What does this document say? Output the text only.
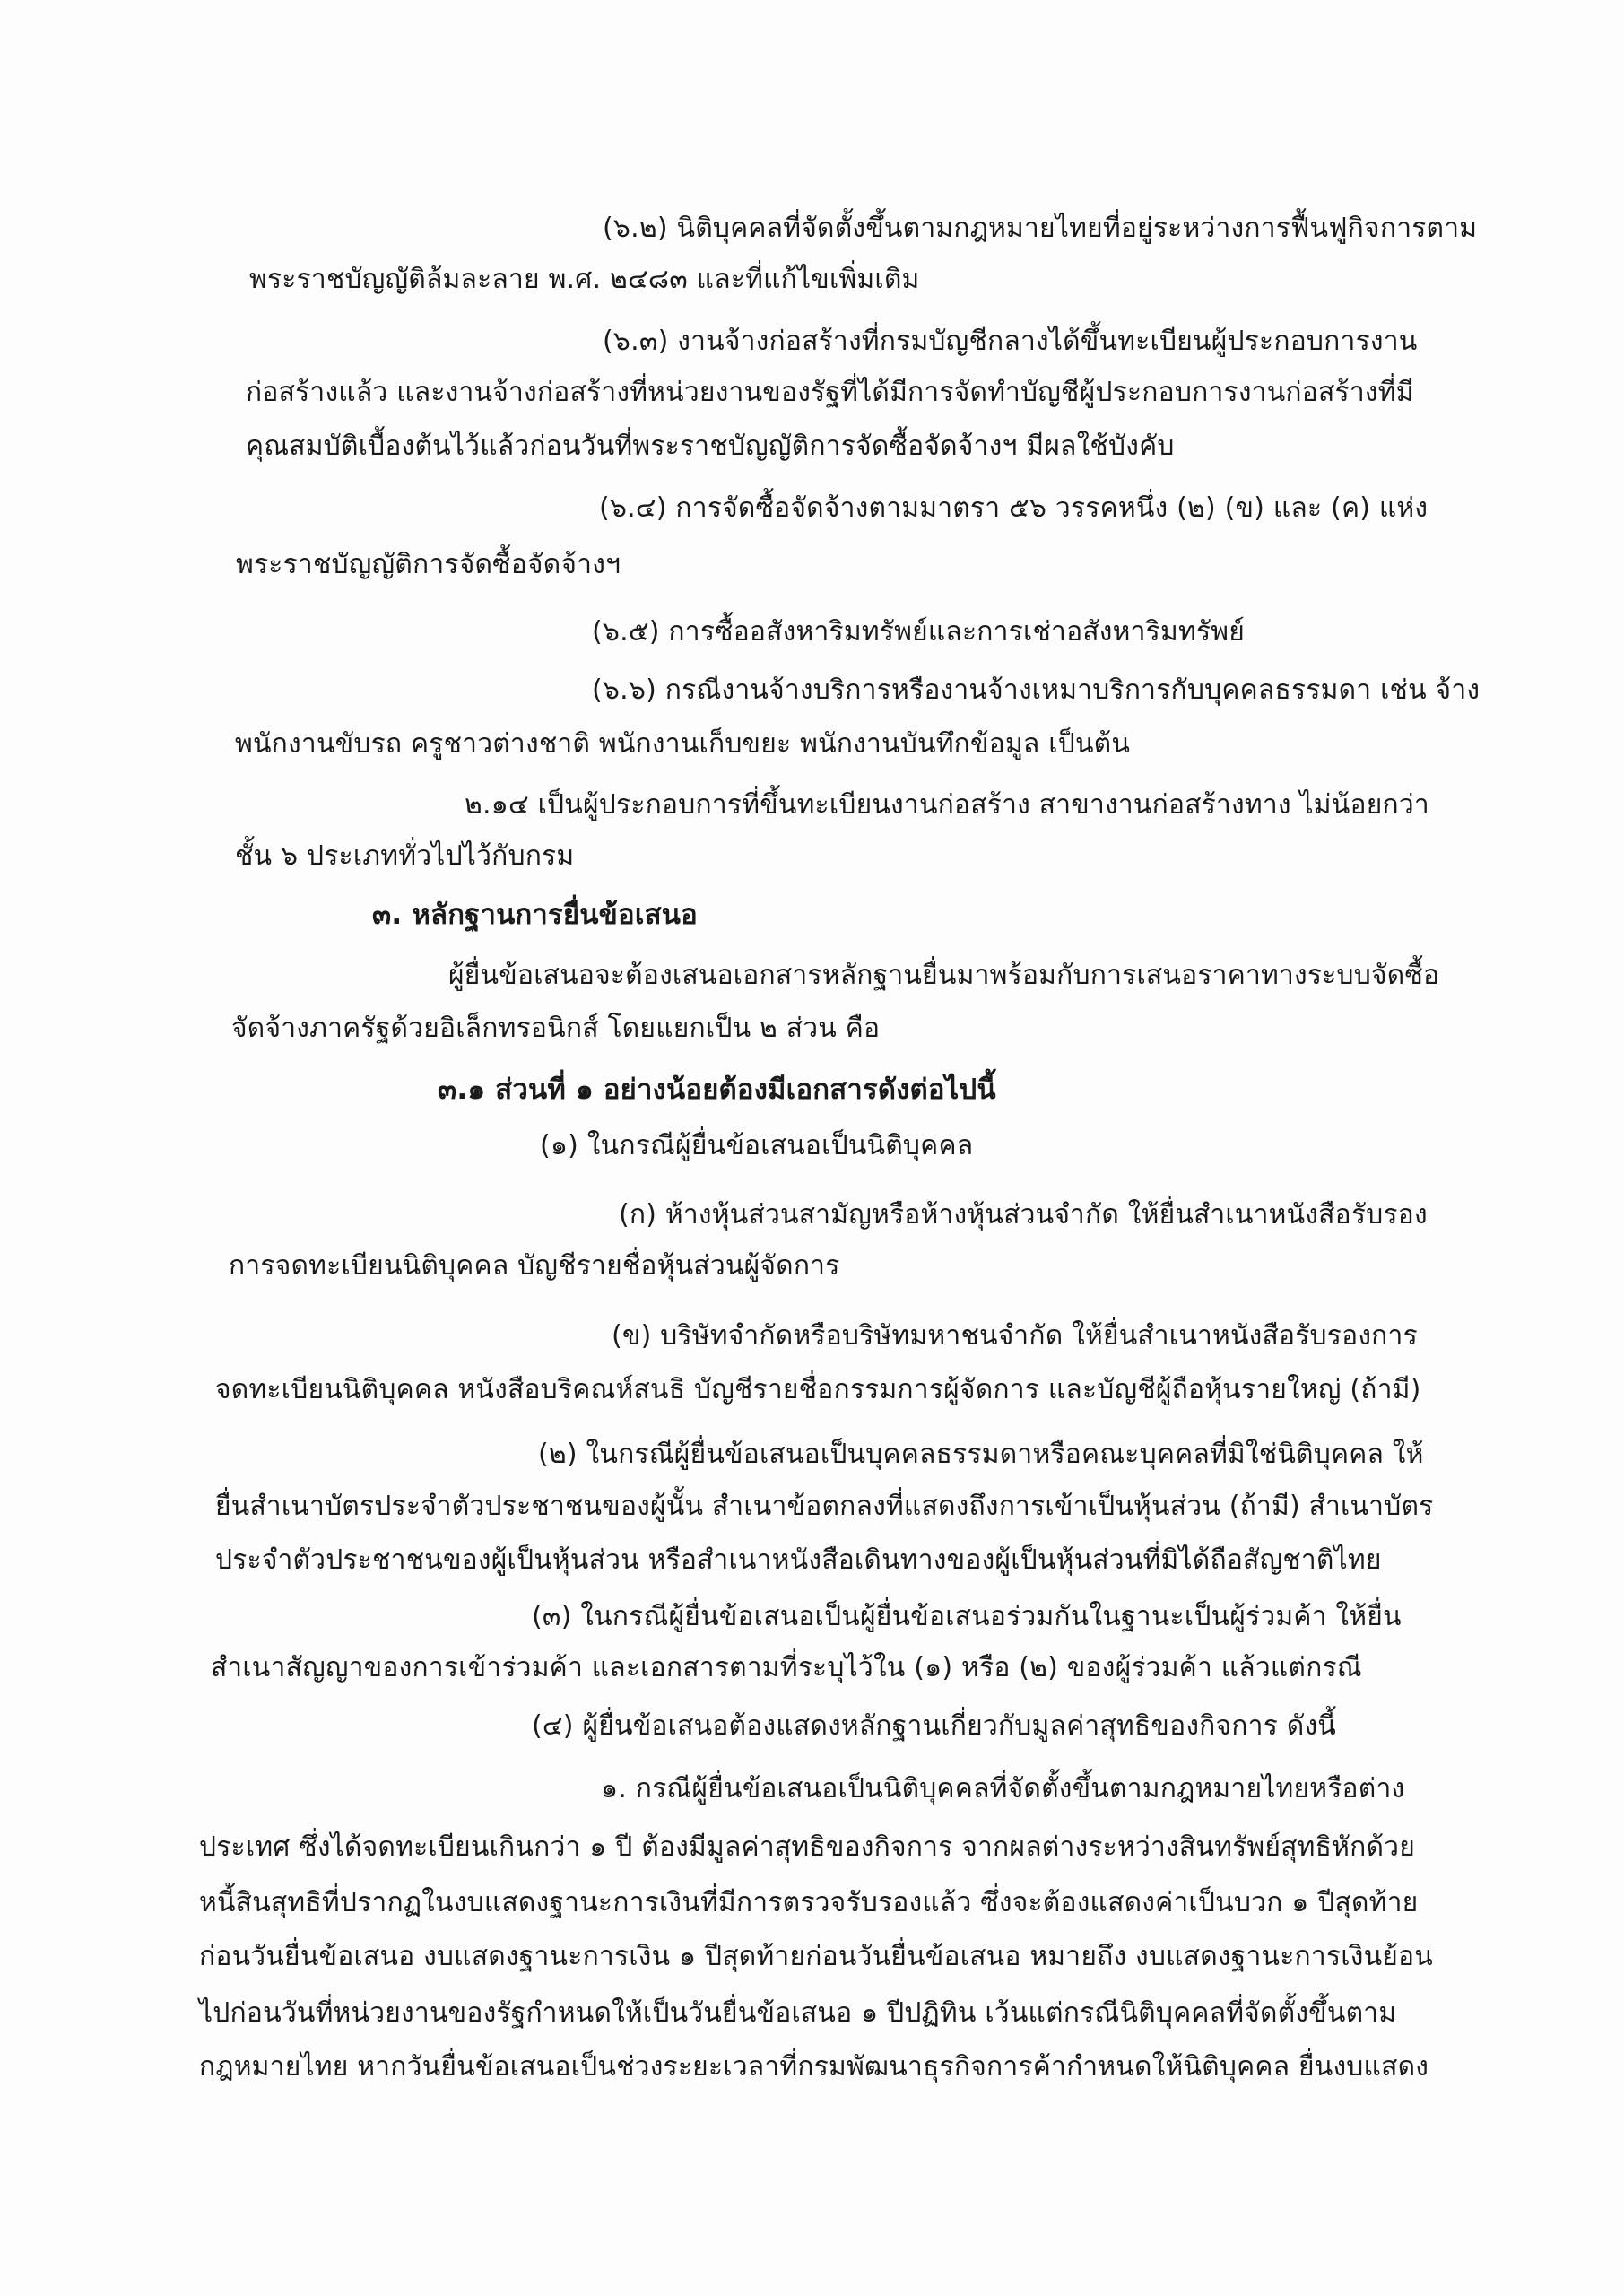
(๖.๒) นิติบุคคลที่จัดตั้งขึ้นตามกฎหมายไทยที่อยู่ระหว่างการฟื้นฟูกิจการตาม
พระราชบัญญัติล้มละลาย พ.ศ. ๒๔๘๓ และที่แก้ไขเพิ่มเติม
(๖.๓) งานจ้างก่อสร้างที่กรมบัญชีกลางได้ขึ้นทะเบียนผู้ประกอบการงาน
ก่อสร้างแล้ว และงานจ้างก่อสร้างที่หน่วยงานของรัฐที่ได้มีการจัดทำบัญชีผู้ประกอบการงานก่อสร้างที่มี
คุณสมบัติเบื้องต้นไว้แล้วก่อนวันที่พระราชบัญญัติการจัดซื้อจัดจ้างฯ มีผลใช้บังคับ
(๖.๔) การจัดซื้อจัดจ้างตามมาตรา ๕๖ วรรคหนึ่ง (๒) (ข) และ (ค) แห่ง
พระราชบัญญัติการจัดซื้อจัดจ้างฯ
(๖.๕) การซื้ออสังหาริมทรัพย์และการเช่าอสังหาริมทรัพย์
(๖.๖) กรณีงานจ้างบริการหรืองานจ้างเหมาบริการกับบุคคลธรรมดา เช่น จ้าง
พนักงานขับรถ ครูชาวต่างชาติ พนักงานเก็บขยะ พนักงานบันทึกข้อมูล เป็นต้น
๒.๑๔ เป็นผู้ประกอบการที่ขึ้นทะเบียนงานก่อสร้าง สาขางานก่อสร้างทาง ไม่น้อยกว่า
ชั้น ๖ ประเภททั่วไปไว้กับกรม
๓. หลักฐานการยื่นข้อเสนอ
ผู้ยื่นข้อเสนอจะต้องเสนอเอกสารหลักฐานยื่นมาพร้อมกับการเสนอราคาทางระบบจัดซื้อ
จัดจ้างภาครัฐด้วยอิเล็กทรอนิกส์ โดยแยกเป็น ๒ ส่วน คือ
๓.๑ ส่วนที่ ๑ อย่างน้อยต้องมีเอกสารดังต่อไปนี้
(๑) ในกรณีผู้ยื่นข้อเสนอเป็นนิติบุคคล
(ก) ห้างหุ้นส่วนสามัญหรือห้างหุ้นส่วนจำกัด ให้ยื่นสำเนาหนังสือรับรอง
การจดทะเบียนนิติบุคคล บัญชีรายชื่อหุ้นส่วนผู้จัดการ
(ข) บริษัทจำกัดหรือบริษัทมหาชนจำกัด ให้ยื่นสำเนาหนังสือรับรองการ
จดทะเบียนนิติบุคคล หนังสือบริคณห์สนธิ บัญชีรายชื่อกรรมการผู้จัดการ และบัญชีผู้ถือหุ้นรายใหญ่ (ถ้ามี)
(๒) ในกรณีผู้ยื่นข้อเสนอเป็นบุคคลธรรมดาหรือคณะบุคคลที่มิใช่นิติบุคคล ให้
ยื่นสำเนาบัตรประจำตัวประชาชนของผู้นั้น สำเนาข้อตกลงที่แสดงถึงการเข้าเป็นหุ้นส่วน (ถ้ามี) สำเนาบัตร
ประจำตัวประชาชนของผู้เป็นหุ้นส่วน หรือสำเนาหนังสือเดินทางของผู้เป็นหุ้นส่วนที่มิได้ถือสัญชาติไทย
(๓) ในกรณีผู้ยื่นข้อเสนอเป็นผู้ยื่นข้อเสนอร่วมกันในฐานะเป็นผู้ร่วมค้า ให้ยื่น
สำเนาสัญญาของการเข้าร่วมค้า และเอกสารตามที่ระบุไว้ใน (๑) หรือ (๒) ของผู้ร่วมค้า แล้วแต่กรณี
(๔) ผู้ยื่นข้อเสนอต้องแสดงหลักฐานเกี่ยวกับมูลค่าสุทธิของกิจการ ดังนี้
๑. กรณีผู้ยื่นข้อเสนอเป็นนิติบุคคลที่จัดตั้งขึ้นตามกฎหมายไทยหรือต่าง
ประเทศ ซึ่งได้จดทะเบียนเกินกว่า ๑ ปี ต้องมีมูลค่าสุทธิของกิจการ จากผลต่างระหว่างสินทรัพย์สุทธิหักด้วย
หนี้สินสุทธิที่ปรากฏในงบแสดงฐานะการเงินที่มีการตรวจรับรองแล้ว ซึ่งจะต้องแสดงค่าเป็นบวก ๑ ปีสุดท้าย
ก่อนวันยื่นข้อเสนอ งบแสดงฐานะการเงิน ๑ ปีสุดท้ายก่อนวันยื่นข้อเสนอ หมายถึง งบแสดงฐานะการเงินย้อน
ไปก่อนวันที่หน่วยงานของรัฐกำหนดให้เป็นวันยื่นข้อเสนอ ๑ ปีปฏิทิน เว้นแต่กรณีนิติบุคคลที่จัดตั้งขึ้นตาม
กฎหมายไทย หากวันยื่นข้อเสนอเป็นช่วงระยะเวลาที่กรมพัฒนาธุรกิจการค้ากำหนดให้นิติบุคคล ยื่นงบแสดง
